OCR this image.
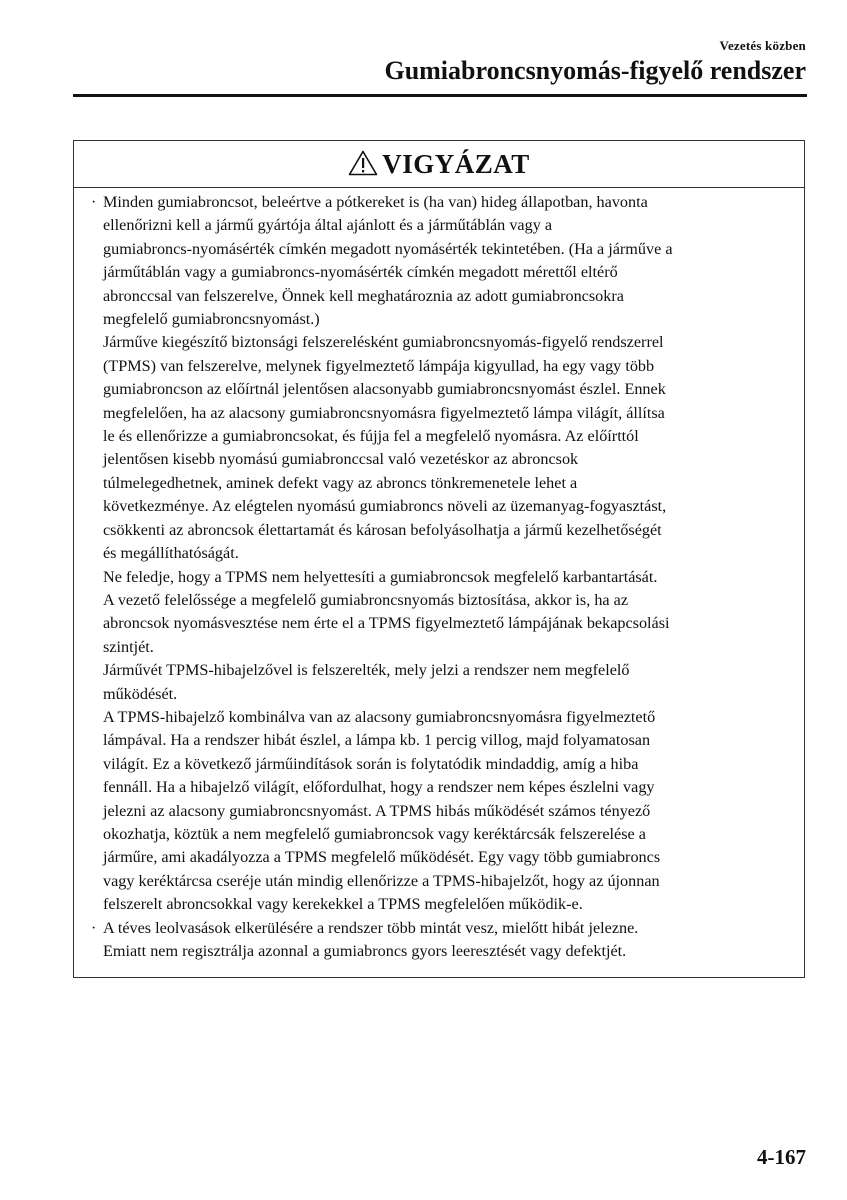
Vezetés közben
Gumiabroncsnyomás-figyelő rendszer
VIGYÁZAT
· Minden gumiabroncsot, beleértve a pótkereket is (ha van) hideg állapotban, havonta
ellenőrizni kell a jármű gyártója által ajánlott és a járműtáblán vagy a
gumiabroncs-nyomásérték címkén megadott nyomásérték tekintetében. (Ha a járműve a
járműtáblán vagy a gumiabroncs-nyomásérték címkén megadott mérettől eltérő
abronccsal van felszerelve, Önnek kell meghatároznia az adott gumiabroncsokra
megfelelő gumiabroncsnyomást.)
Járműve kiegészítő biztonsági felszerelésként gumiabroncsnyomás-figyelő rendszerrel
(TPMS) van felszerelve, melynek figyelmeztető lámpája kigyullad, ha egy vagy több
gumiabroncson az előírtnál jelentősen alacsonyabb gumiabroncsnyomást észlel. Ennek
megfelelően, ha az alacsony gumiabroncsnyomásra figyelmeztető lámpa világít, állítsa
le és ellenőrizze a gumiabroncsokat, és fújja fel a megfelelő nyomásra. Az előírttól
jelentősen kisebb nyomású gumiabronccsal való vezetéskor az abroncsok
túlmelegedhetnek, aminek defekt vagy az abroncs tönkremenetele lehet a
következménye. Az elégtelen nyomású gumiabroncs növeli az üzemanyag-fogyasztást,
csökkenti az abroncsok élettartamát és károsan befolyásolhatja a jármű kezelhetőségét
és megállíthatóságát.
Ne feledje, hogy a TPMS nem helyettesíti a gumiabroncsok megfelelő karbantartását.
A vezető felelőssége a megfelelő gumiabroncsnyomás biztosítása, akkor is, ha az
abroncsok nyomásvesztése nem érte el a TPMS figyelmeztető lámpájának bekapcsolási
szintjét.
Járművét TPMS-hibajelzővel is felszerelték, mely jelzi a rendszer nem megfelelő
működését.
A TPMS-hibajelző kombinálva van az alacsony gumiabroncsnyomásra figyelmeztető
lámpával. Ha a rendszer hibát észlel, a lámpa kb. 1 percig villog, majd folyamatosan
világít. Ez a következő járműindítások során is folytatódik mindaddig, amíg a hiba
fennáll. Ha a hibajelző világít, előfordulhat, hogy a rendszer nem képes észlelni vagy
jelezni az alacsony gumiabroncsnyomást. A TPMS hibás működését számos tényező
okozhatja, köztük a nem megfelelő gumiabroncsok vagy keréktárcsák felszerelése a
járműre, ami akadályozza a TPMS megfelelő működését. Egy vagy több gumiabroncs
vagy keréktárcsa cseréje után mindig ellenőrizze a TPMS-hibajelzőt, hogy az újonnan
felszerelt abroncsokkal vagy kerekekkel a TPMS megfelelően működik-e.
· A téves leolvasások elkerülésére a rendszer több mintát vesz, mielőtt hibát jelezne.
Emiatt nem regisztrálja azonnal a gumiabroncs gyors leeresztését vagy defektjét.
4-167
